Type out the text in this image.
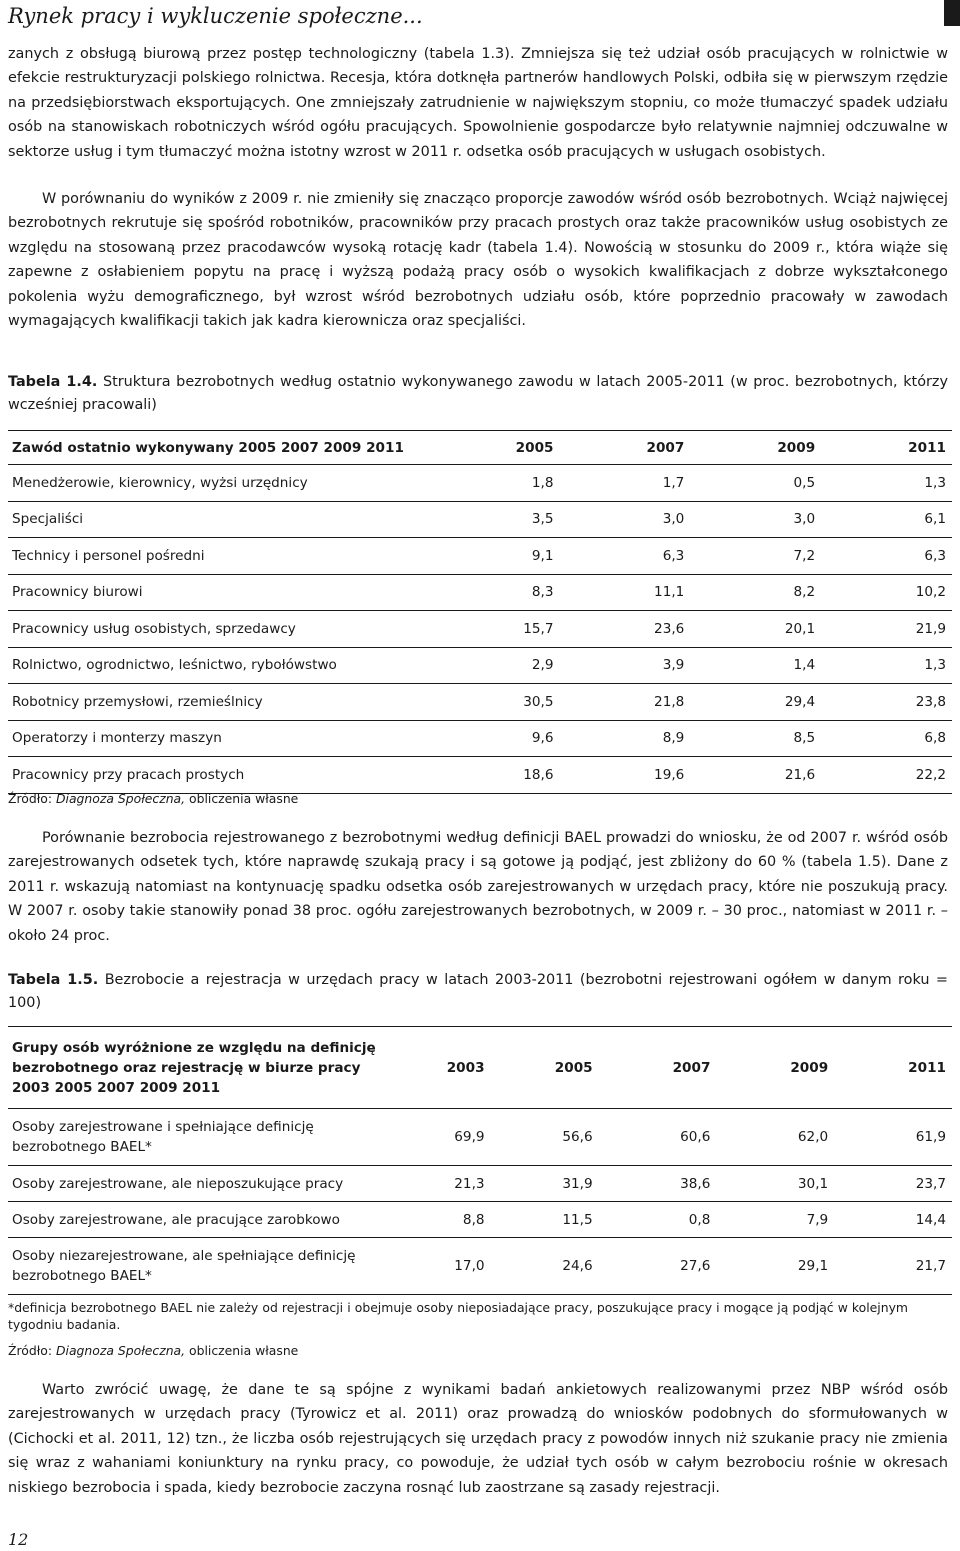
Rynek pracy i wykluczenie społeczne...

zanych z obsługą biurową przez postęp technologiczny (tabela 1.3). Zmniejsza się też udział osób pracujących w rolnictwie w efekcie restrukturyzacji polskiego rolnictwa. Recesja, która dotknęła partnerów handlowych Polski, odbiła się w pierwszym rzędzie na przedsiębiorstwach eksportujących. One zmniejszały zatrudnienie w największym stopniu, co może tłumaczyć spadek udziału osób na stanowiskach robotniczych wśród ogółu pracujących. Spowolnienie gospodarcze było relatywnie najmniej odczuwalne w sektorze usług i tym tłumaczyć można istotny wzrost w 2011 r. odsetka osób pracujących w usługach osobistych.

W porównaniu do wyników z 2009 r. nie zmieniły się znacząco proporcje zawodów wśród osób bezrobotnych. Wciąż najwięcej bezrobotnych rekrutuje się spośród robotników, pracowników przy pracach prostych oraz także pracowników usług osobistych ze względu na stosowaną przez pracodawców wysoką rotację kadr (tabela 1.4). Nowością w stosunku do 2009 r., która wiąże się zapewne z osłabieniem popytu na pracę i wyższą podażą pracy osób o wysokich kwalifikacjach z dobrze wykształconego pokolenia wyżu demograficznego, był wzrost wśród bezrobotnych udziału osób, które poprzednio pracowały w zawodach wymagających kwalifikacji takich jak kadra kierownicza oraz specjaliści.

Tabela 1.4. Struktura bezrobotnych według ostatnio wykonywanego zawodu w latach 2005-2011 (w proc. bezrobotnych, którzy wcześniej pracowali)

Zawód ostatnio wykonywany 2005 2007 2009 2011	2005	2007	2009	2011
Menedżerowie, kierownicy, wyżsi urzędnicy	1,8	1,7	0,5	1,3
Specjaliści	3,5	3,0	3,0	6,1
Technicy i personel pośredni	9,1	6,3	7,2	6,3
Pracownicy biurowi	8,3	11,1	8,2	10,2
Pracownicy usług osobistych, sprzedawcy	15,7	23,6	20,1	21,9
Rolnictwo, ogrodnictwo, leśnictwo, rybołówstwo	2,9	3,9	1,4	1,3
Robotnicy przemysłowi, rzemieślnicy	30,5	21,8	29,4	23,8
Operatorzy i monterzy maszyn	9,6	8,9	8,5	6,8
Pracownicy przy pracach prostych	18,6	19,6	21,6	22,2

Źródło: Diagnoza Społeczna, obliczenia własne

Porównanie bezrobocia rejestrowanego z bezrobotnymi według definicji BAEL prowadzi do wniosku, że od 2007 r. wśród osób zarejestrowanych odsetek tych, które naprawdę szukają pracy i są gotowe ją podjąć, jest zbliżony do 60 % (tabela 1.5). Dane z 2011 r. wskazują natomiast na kontynuację spadku odsetka osób zarejestrowanych w urzędach pracy, które nie poszukują pracy. W 2007 r. osoby takie stanowiły ponad 38 proc. ogółu zarejestrowanych bezrobotnych, w 2009 r. – 30 proc., natomiast w 2011 r. – około 24 proc.

Tabela 1.5. Bezrobocie a rejestracja w urzędach pracy w latach 2003-2011 (bezrobotni rejestrowani ogółem w danym roku = 100)

Grupy osób wyróżnione ze względu na definicję bezrobotnego oraz rejestrację w biurze pracy 2003 2005 2007 2009 2011	2003	2005	2007	2009	2011
Osoby zarejestrowane i spełniające definicję bezrobotnego BAEL*	69,9	56,6	60,6	62,0	61,9
Osoby zarejestrowane, ale nieposzukujące pracy	21,3	31,9	38,6	30,1	23,7
Osoby zarejestrowane, ale pracujące zarobkowo	8,8	11,5	0,8	7,9	14,4
Osoby niezarejestrowane, ale spełniające definicję bezrobotnego BAEL*	17,0	24,6	27,6	29,1	21,7

*definicja bezrobotnego BAEL nie zależy od rejestracji i obejmuje osoby nieposiadające pracy, poszukujące pracy i mogące ją podjąć w kolejnym tygodniu badania.

Źródło: Diagnoza Społeczna, obliczenia własne

Warto zwrócić uwagę, że dane te są spójne z wynikami badań ankietowych realizowanymi przez NBP wśród osób zarejestrowanych w urzędach pracy (Tyrowicz et al. 2011) oraz prowadzą do wniosków podobnych do sformułowanych w (Cichocki et al. 2011, 12) tzn., że liczba osób rejestrujących się urzędach pracy z powodów innych niż szukanie pracy nie zmienia się wraz z wahaniami koniunktury na rynku pracy, co powoduje, że udział tych osób w całym bezrobociu rośnie w okresach niskiego bezrobocia i spada, kiedy bezrobocie zaczyna rosnąć lub zaostrzane są zasady rejestracji.

12
